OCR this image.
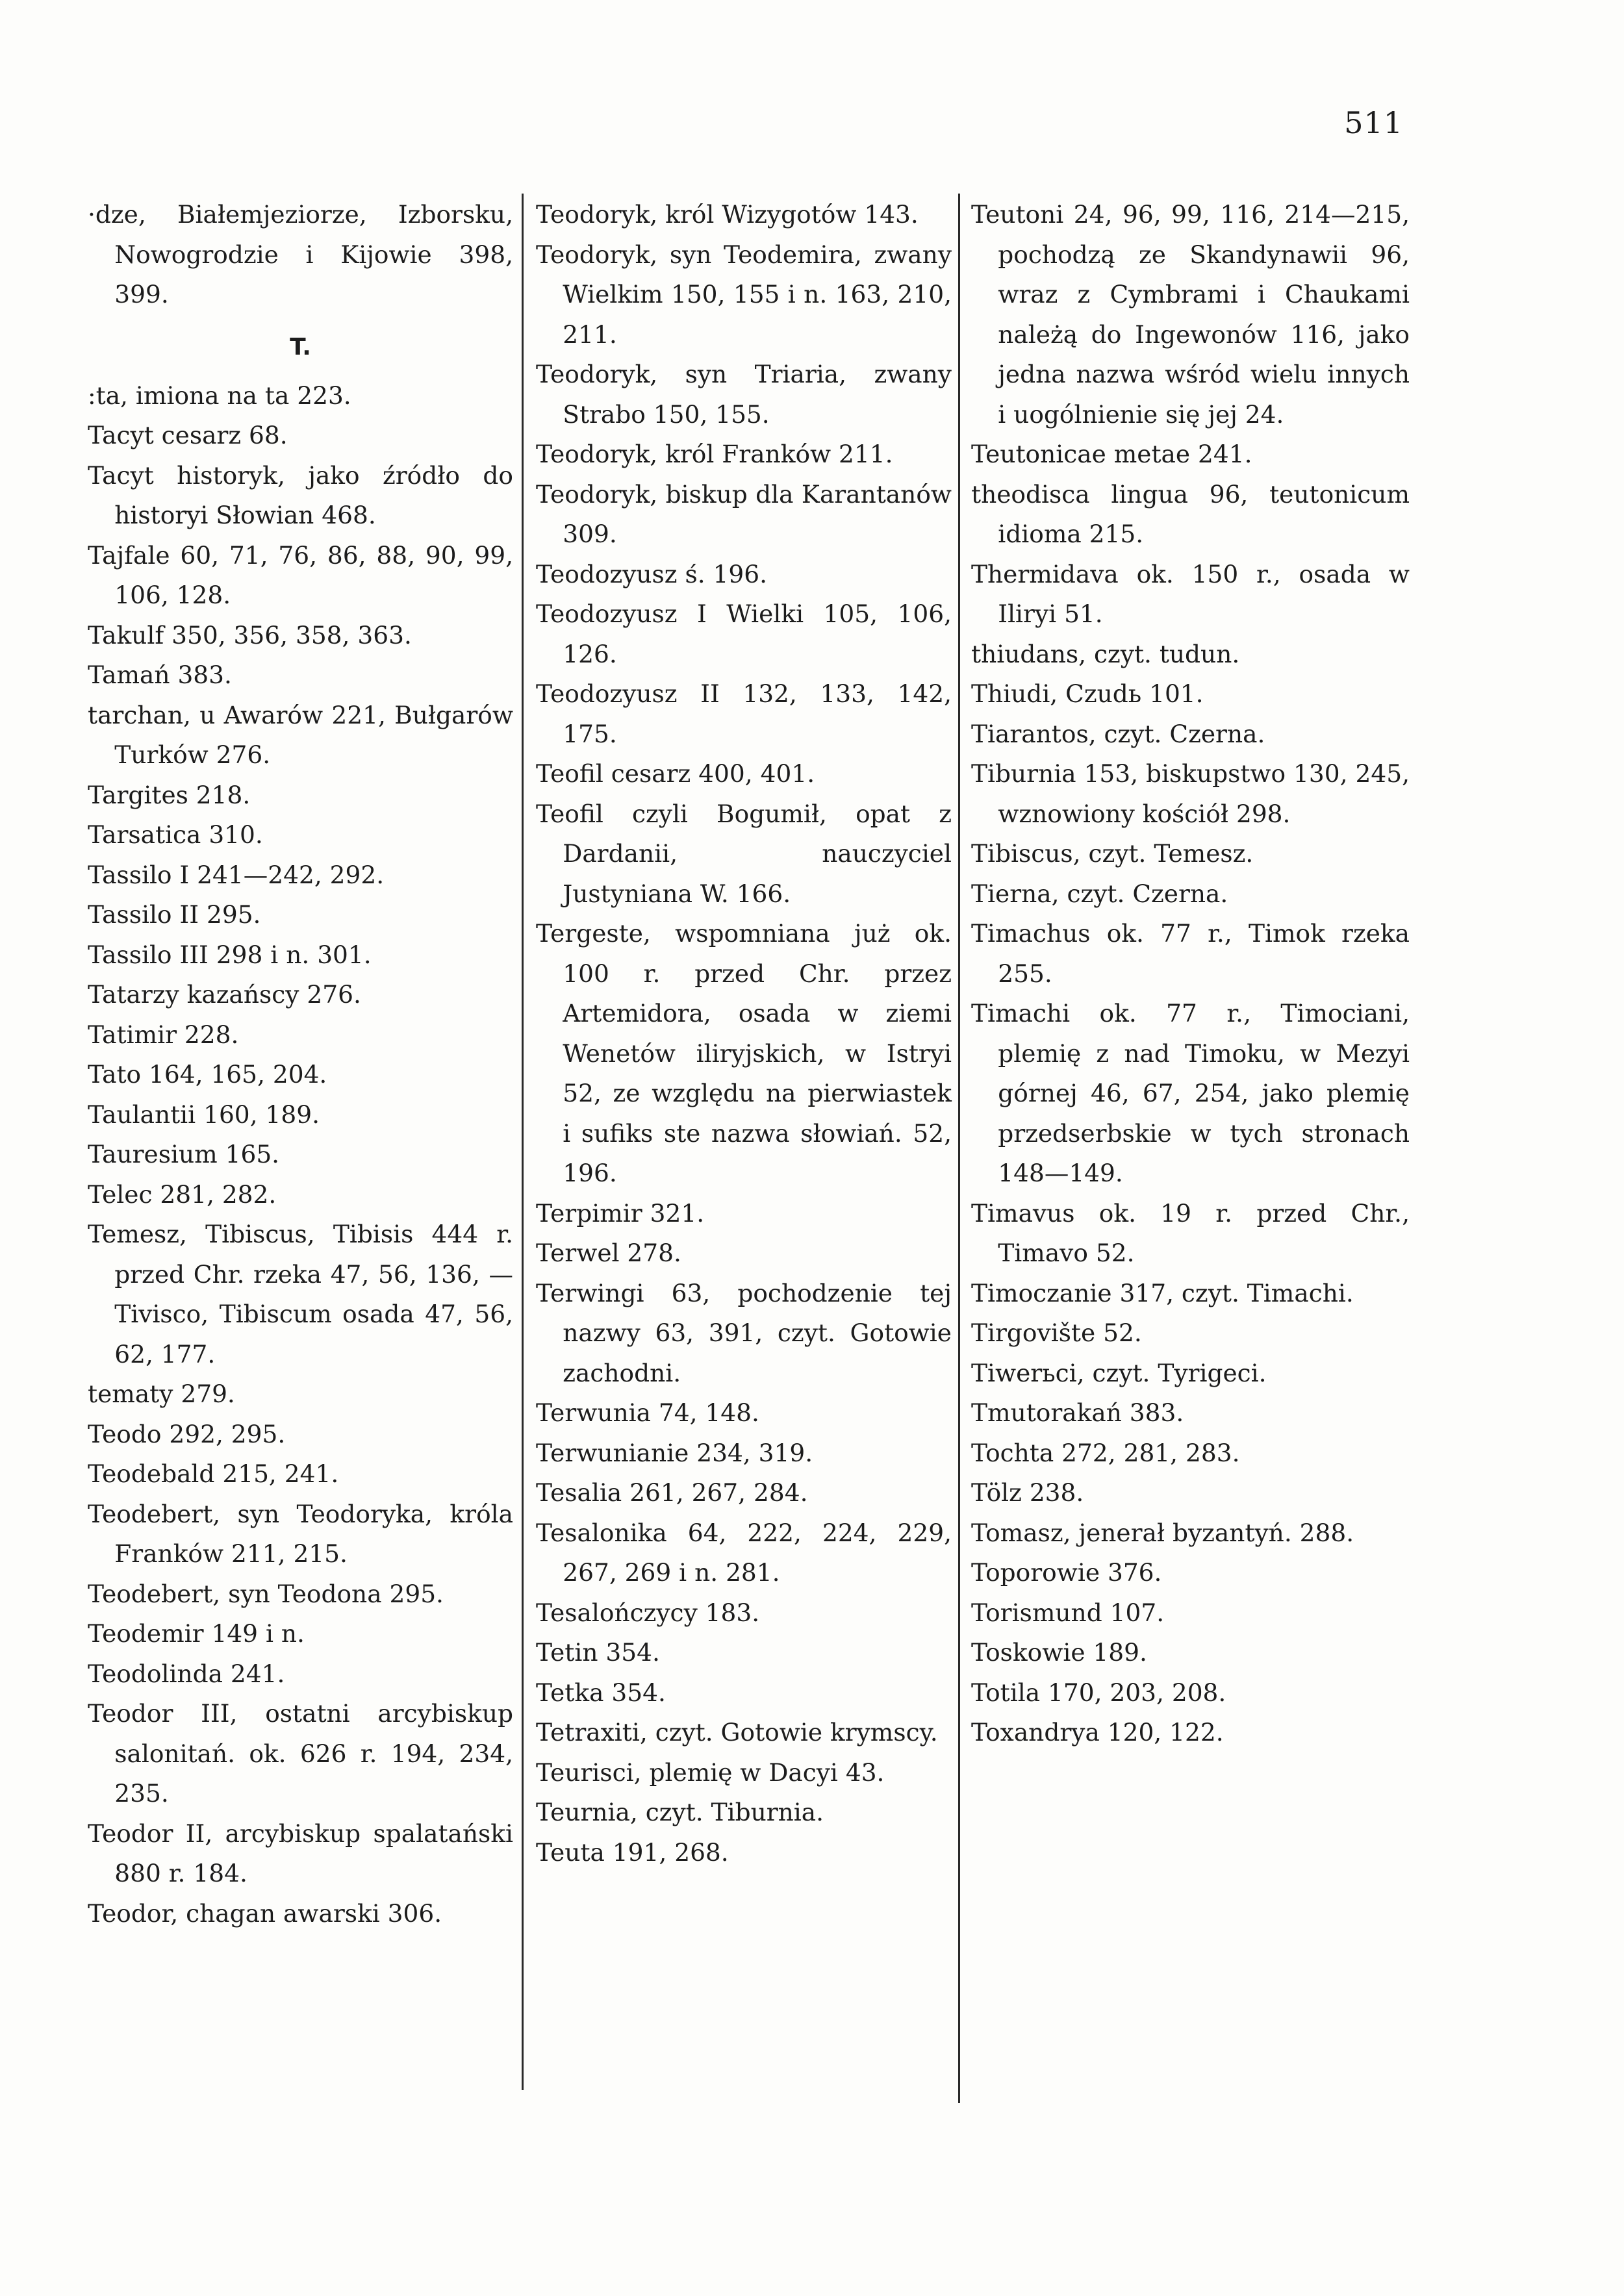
511

·dze, Białemjeziorze, Izborsku, Nowogrodzie i Kijowie 398, 399.

T.

:ta, imiona na ta 223.

Tacyt cesarz 68.

Tacyt historyk, jako źródło do historyi Słowian 468.

Tajfale 60, 71, 76, 86, 88, 90, 99, 106, 128.

Takulf 350, 356, 358, 363.

Tamań 383.

tarchan, u Awarów 221, Bułgarów Turków 276.

Targites 218.

Tarsatica 310.

Tassilo I 241—242, 292.

Tassilo II 295.

Tassilo III 298 i n. 301.

Tatarzy kazańscy 276.

Tatimir 228.

Tato 164, 165, 204.

Taulantii 160, 189.

Tauresium 165.

Telec 281, 282.

Temesz, Tibiscus, Tibisis 444 r. przed Chr. rzeka 47, 56, 136, — Tivisco, Tibiscum osada 47, 56, 62, 177.

tematy 279.

Teodo 292, 295.

Teodebald 215, 241.

Teodebert, syn Teodoryka, króla Franków 211, 215.

Teodebert, syn Teodona 295.

Teodemir 149 i n.

Teodolinda 241.

Teodor III, ostatni arcybiskup salonitań. ok. 626 r. 194, 234, 235.

Teodor II, arcybiskup spalatański 880 r. 184.

Teodor, chagan awarski 306.

Teodoryk, król Wizygotów 143.

Teodoryk, syn Teodemira, zwany Wielkim 150, 155 i n. 163, 210, 211.

Teodoryk, syn Triaria, zwany Strabo 150, 155.

Teodoryk, król Franków 211.

Teodoryk, biskup dla Karantanów 309.

Teodozyusz ś. 196.

Teodozyusz I Wielki 105, 106, 126.

Teodozyusz II 132, 133, 142, 175.

Teofil cesarz 400, 401.

Teofil czyli Bogumił, opat z Dardanii, nauczyciel Justyniana W. 166.

Tergeste, wspomniana już ok. 100 r. przed Chr. przez Artemidora, osada w ziemi Wenetów iliryjskich, w Istryi 52, ze względu na pierwiastek i sufiks ste nazwa słowiań. 52, 196.

Terpimir 321.

Terwel 278.

Terwingi 63, pochodzenie tej nazwy 63, 391, czyt. Gotowie zachodni.

Terwunia 74, 148.

Terwunianie 234, 319.

Tesalia 261, 267, 284.

Tesalonika 64, 222, 224, 229, 267, 269 i n. 281.

Tesalończycy 183.

Tetin 354.

Tetka 354.

Tetraxiti, czyt. Gotowie krymscy.

Teurisci, plemię w Dacyi 43.

Teurnia, czyt. Tiburnia.

Teuta 191, 268.

Teutoni 24, 96, 99, 116, 214—215, pochodzą ze Skandynawii 96, wraz z Cymbrami i Chaukami należą do Ingewonów 116, jako jedna nazwa wśród wielu innych i uogólnienie się jej 24.

Teutonicae metae 241.

theodisca lingua 96, teutonicum idioma 215.

Thermidava ok. 150 r., osada w Iliryi 51.

thiudans, czyt. tudun.

Thiudi, Czudь 101.

Tiarantos, czyt. Czerna.

Tiburnia 153, biskupstwo 130, 245, wznowiony kościół 298.

Tibiscus, czyt. Temesz.

Tierna, czyt. Czerna.

Timachus ok. 77 r., Timok rzeka 255.

Timachi ok. 77 r., Timociani, plemię z nad Timoku, w Mezyi górnej 46, 67, 254, jako plemię przedserbskie w tych stronach 148—149.

Timavus ok. 19 r. przed Chr., Timavo 52.

Timoczanie 317, czyt. Timachi.

Tirgovište 52.

Tiwerьci, czyt. Tyrigeci.

Tmutorakań 383.

Tochta 272, 281, 283.

Tölz 238.

Tomasz, jenerał byzantyń. 288.

Toporowie 376.

Torismund 107.

Toskowie 189.

Totila 170, 203, 208.

Toxandrya 120, 122.
